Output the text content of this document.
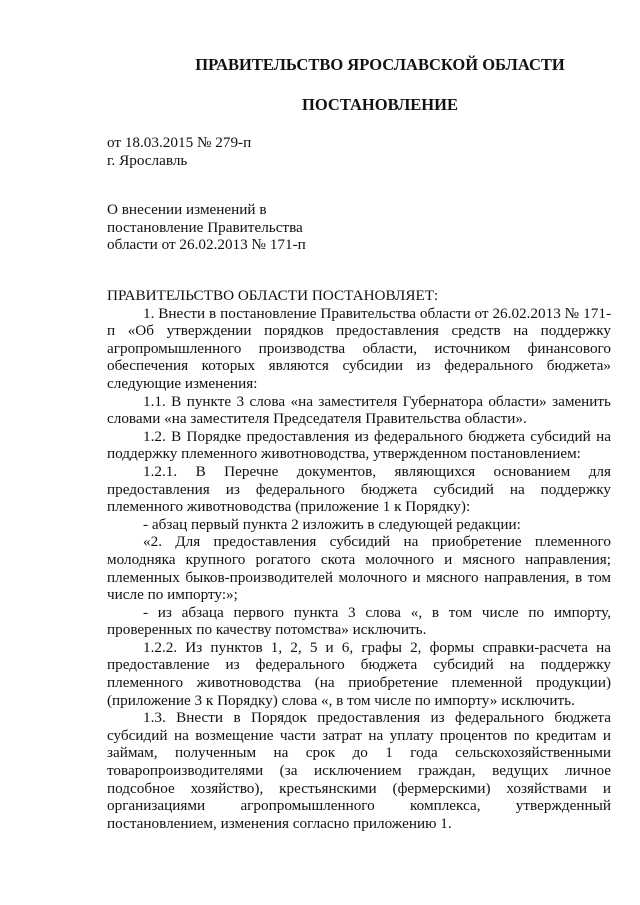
ПРАВИТЕЛЬСТВО ЯРОСЛАВСКОЙ ОБЛАСТИ
ПОСТАНОВЛЕНИЕ
от 18.03.2015 № 279-п
г. Ярославль
О внесении изменений в
постановление Правительства
области от 26.02.2013 № 171-п

ПРАВИТЕЛЬСТВО ОБЛАСТИ ПОСТАНОВЛЯЕТ:

1. Внести в постановление Правительства области от 26.02.2013 № 171-п «Об утверждении порядков предоставления средств на поддержку агропромышленного производства области, источником финансового обеспечения которых являются субсидии из федерального бюджета» следующие изменения:

1.1. В пункте 3 слова «на заместителя Губернатора области» заменить словами «на заместителя Председателя Правительства области».

1.2. В Порядке предоставления из федерального бюджета субсидий на поддержку племенного животноводства, утвержденном постановлением:

1.2.1. В Перечне документов, являющихся основанием для предоставления из федерального бюджета субсидий на поддержку племенного животноводства (приложение 1 к Порядку):

- абзац первый пункта 2 изложить в следующей редакции:

«2. Для предоставления субсидий на приобретение племенного молодняка крупного рогатого скота молочного и мясного направления; племенных быков-производителей молочного и мясного направления, в том числе по импорту:»;

- из абзаца первого пункта 3 слова «, в том числе по импорту, проверенных по качеству потомства» исключить.

1.2.2. Из пунктов 1, 2, 5 и 6, графы 2, формы справки-расчета на предоставление из федерального бюджета субсидий на поддержку племенного животноводства (на приобретение племенной продукции) (приложение 3 к Порядку) слова «, в том числе по импорту» исключить.

1.3. Внести в Порядок предоставления из федерального бюджета субсидий на возмещение части затрат на уплату процентов по кредитам и займам, полученным на срок до 1 года сельскохозяйственными товаропроизводителями (за исключением граждан, ведущих личное подсобное хозяйство), крестьянскими (фермерскими) хозяйствами и организациями агропромышленного комплекса, утвержденный постановлением, изменения согласно приложению 1.
